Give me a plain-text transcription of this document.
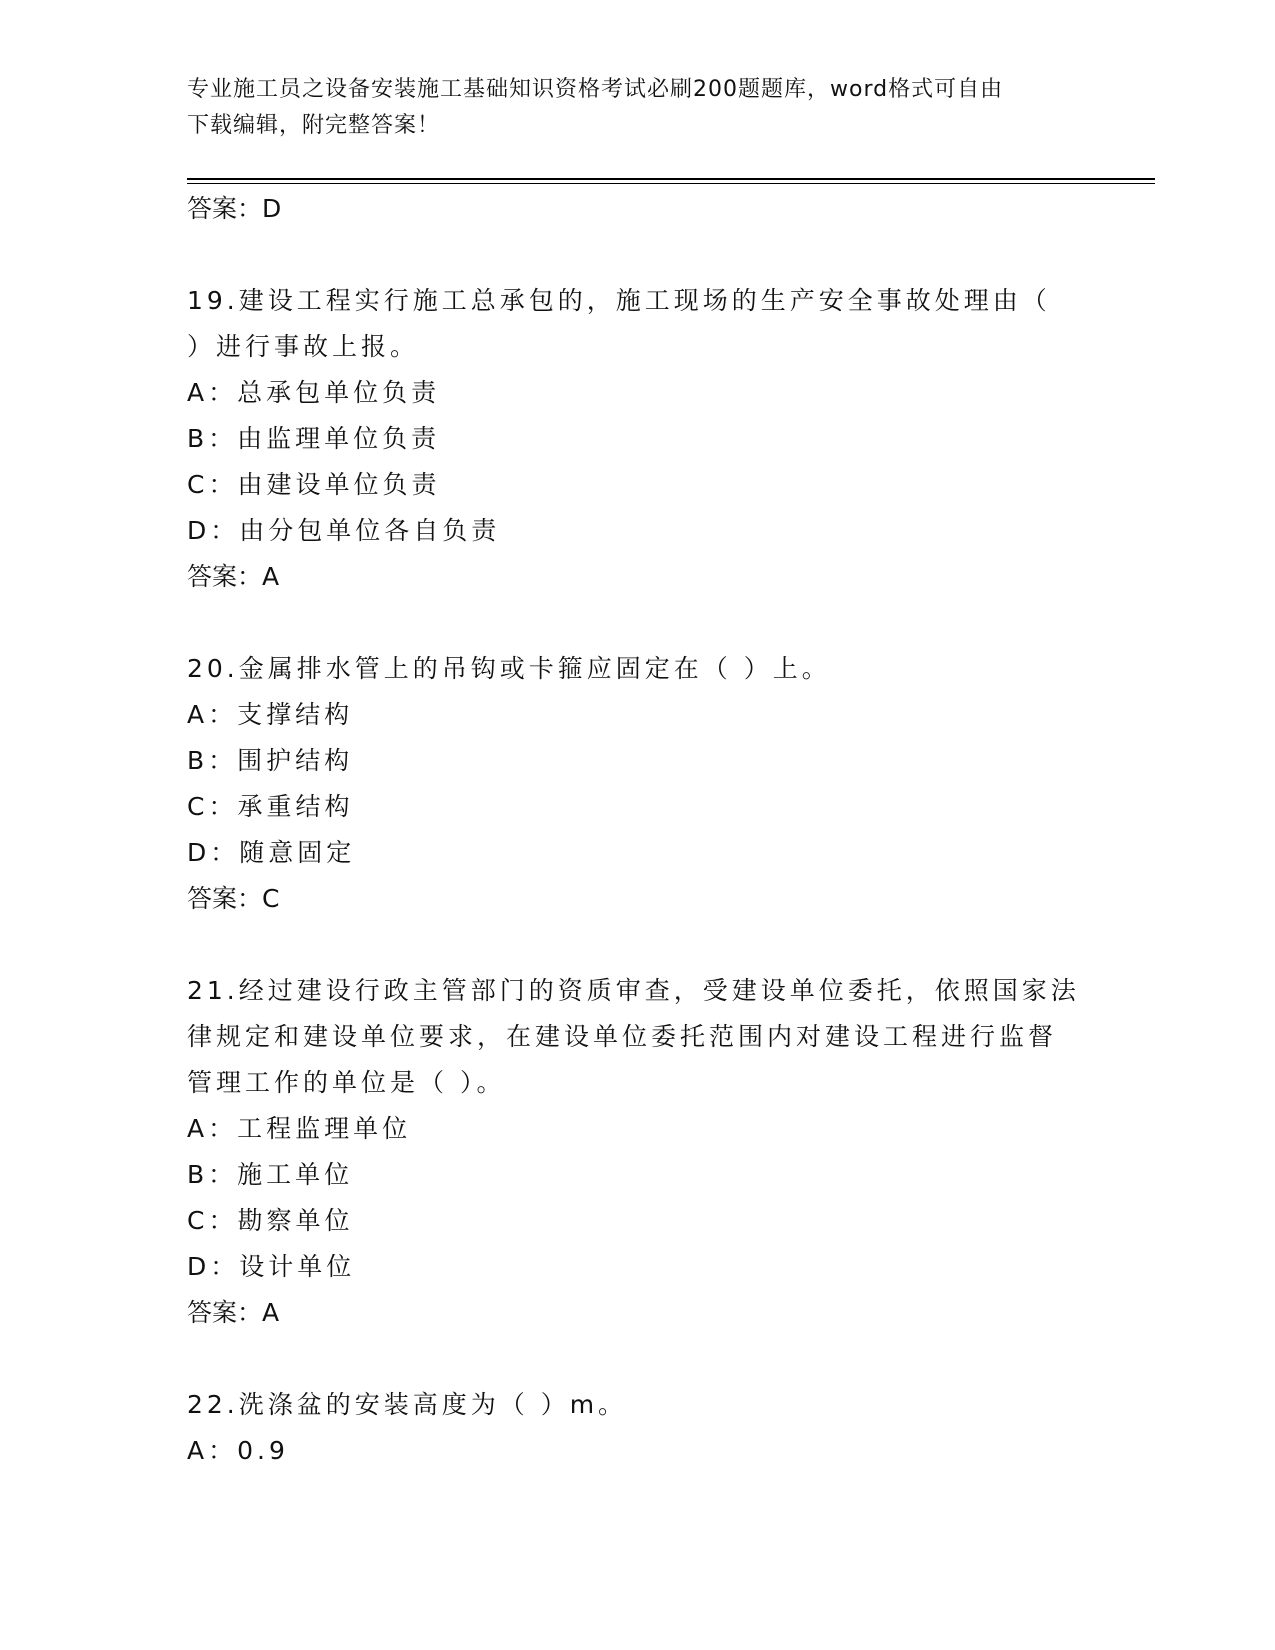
专业施工员之设备安装施工基础知识资格考试必刷200题题库，word格式可自由
下载编辑，附完整答案！
答案：D
19.建设工程实行施工总承包的，施工现场的生产安全事故处理由（
）进行事故上报。
A：总承包单位负责
B：由监理单位负责
C：由建设单位负责
D：由分包单位各自负责
答案：A
20.金属排水管上的吊钩或卡箍应固定在（ ）上。
A：支撑结构
B：围护结构
C：承重结构
D：随意固定
答案：C
21.经过建设行政主管部门的资质审查，受建设单位委托，依照国家法
律规定和建设单位要求，在建设单位委托范围内对建设工程进行监督
管理工作的单位是（ ）。
A：工程监理单位
B：施工单位
C：勘察单位
D：设计单位
答案：A
22.洗涤盆的安装高度为（ ）m。
A：0.9
